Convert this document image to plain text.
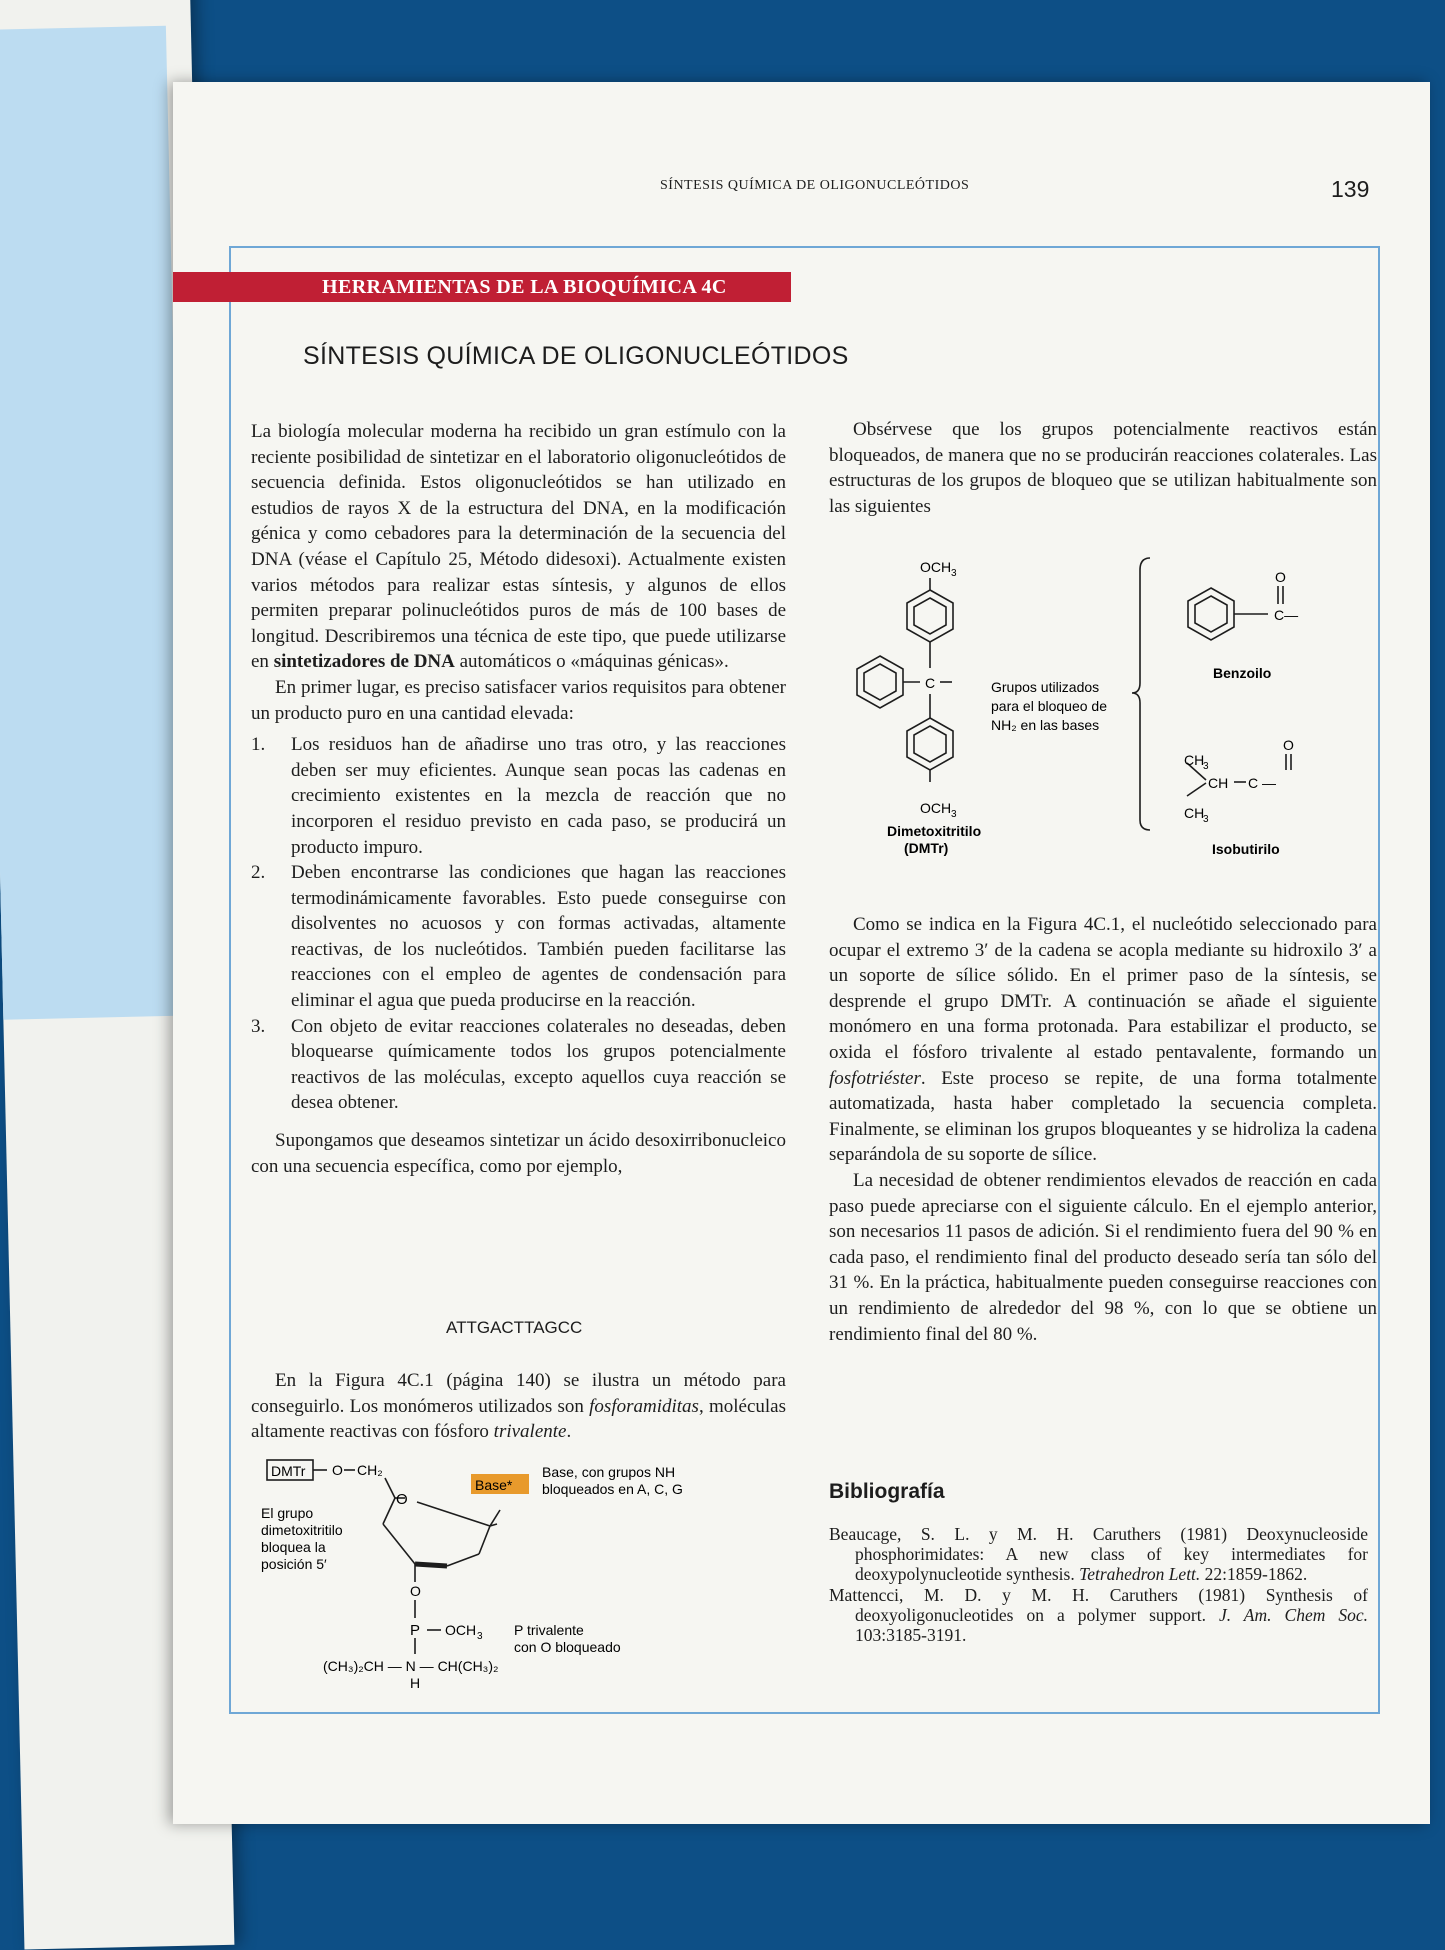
SÍNTESIS QUÍMICA DE OLIGONUCLEÓTIDOS	139
HERRAMIENTAS DE LA BIOQUÍMICA 4C
SÍNTESIS QUÍMICA DE OLIGONUCLEÓTIDOS

La biología molecular moderna ha recibido un gran estímulo con la reciente posibilidad de sintetizar en el laboratorio oligonucleótidos de secuencia definida. Estos oligonucleótidos se han utilizado en estudios de rayos X de la estructura del DNA, en la modificación génica y como cebadores para la determinación de la secuencia del DNA (véase el Capítulo 25, Método didesoxi). Actualmente existen varios métodos para realizar estas síntesis, y algunos de ellos permiten preparar polinucleótidos puros de más de 100 bases de longitud. Describiremos una técnica de este tipo, que puede utilizarse en sintetizadores de DNA automáticos o «máquinas génicas».

En primer lugar, es preciso satisfacer varios requisitos para obtener un producto puro en una cantidad elevada:

1. Los residuos han de añadirse uno tras otro, y las reacciones deben ser muy eficientes. Aunque sean pocas las cadenas en crecimiento existentes en la mezcla de reacción que no incorporen el residuo previsto en cada paso, se producirá un producto impuro.
2. Deben encontrarse las condiciones que hagan las reacciones termodinámicamente favorables. Esto puede conseguirse con disolventes no acuosos y con formas activadas, altamente reactivas, de los nucleótidos. También pueden facilitarse las reacciones con el empleo de agentes de condensación para eliminar el agua que pueda producirse en la reacción.
3. Con objeto de evitar reacciones colaterales no deseadas, deben bloquearse químicamente todos los grupos potencialmente reactivos de las moléculas, excepto aquellos cuya reacción se desea obtener.

Supongamos que deseamos sintetizar un ácido desoxirribonucleico con una secuencia específica, como por ejemplo,

ATTGACTTAGCC

En la Figura 4C.1 (página 140) se ilustra un método para conseguirlo. Los monómeros utilizados son fosforamiditas, moléculas altamente reactivas con fósforo trivalente.

DMTr O CH₂
O
Base*
Base, con grupos NH
bloqueados en A, C, G
El grupo
dimetoxitritilo
bloquea la
posición 5′
O
P OCH 3 P trivalente
con O bloqueado
(CH₃)₂CH — N — CH(CH₃)₂
H

Obsérvese que los grupos potencialmente reactivos están bloqueados, de manera que no se producirán reacciones colaterales. Las estructuras de los grupos de bloqueo que se utilizan habitualmente son las siguientes

OCH 3
C
OCH 3
Dimetoxitritilo
(DMTr)
Grupos utilizados
para el bloqueo de
NH₂ en las bases
O
C—
Benzoilo
O
CH
3
CH C —
CH
3
Isobutirilo

Como se indica en la Figura 4C.1, el nucleótido seleccionado para ocupar el extremo 3′ de la cadena se acopla mediante su hidroxilo 3′ a un soporte de sílice sólido. En el primer paso de la síntesis, se desprende el grupo DMTr. A continuación se añade el siguiente monómero en una forma protonada. Para estabilizar el producto, se oxida el fósforo trivalente al estado pentavalente, formando un fosfotriéster. Este proceso se repite, de una forma totalmente automatizada, hasta haber completado la secuencia completa. Finalmente, se eliminan los grupos bloqueantes y se hidroliza la cadena separándola de su soporte de sílice.

La necesidad de obtener rendimientos elevados de reacción en cada paso puede apreciarse con el siguiente cálculo. En el ejemplo anterior, son necesarios 11 pasos de adición. Si el rendimiento fuera del 90 % en cada paso, el rendimiento final del producto deseado sería tan sólo del 31 %. En la práctica, habitualmente pueden conseguirse reacciones con un rendimiento de alrededor del 98 %, con lo que se obtiene un rendimiento final del 80 %.

Bibliografía

Beaucage, S. L. y M. H. Caruthers (1981) Deoxynucleoside phosphorimidates: A new class of key intermediates for deoxypolynucleotide synthesis. Tetrahedron Lett. 22:1859-1862.

Mattencci, M. D. y M. H. Caruthers (1981) Synthesis of deoxyoligonucleotides on a polymer support. J. Am. Chem Soc. 103:3185-3191.
